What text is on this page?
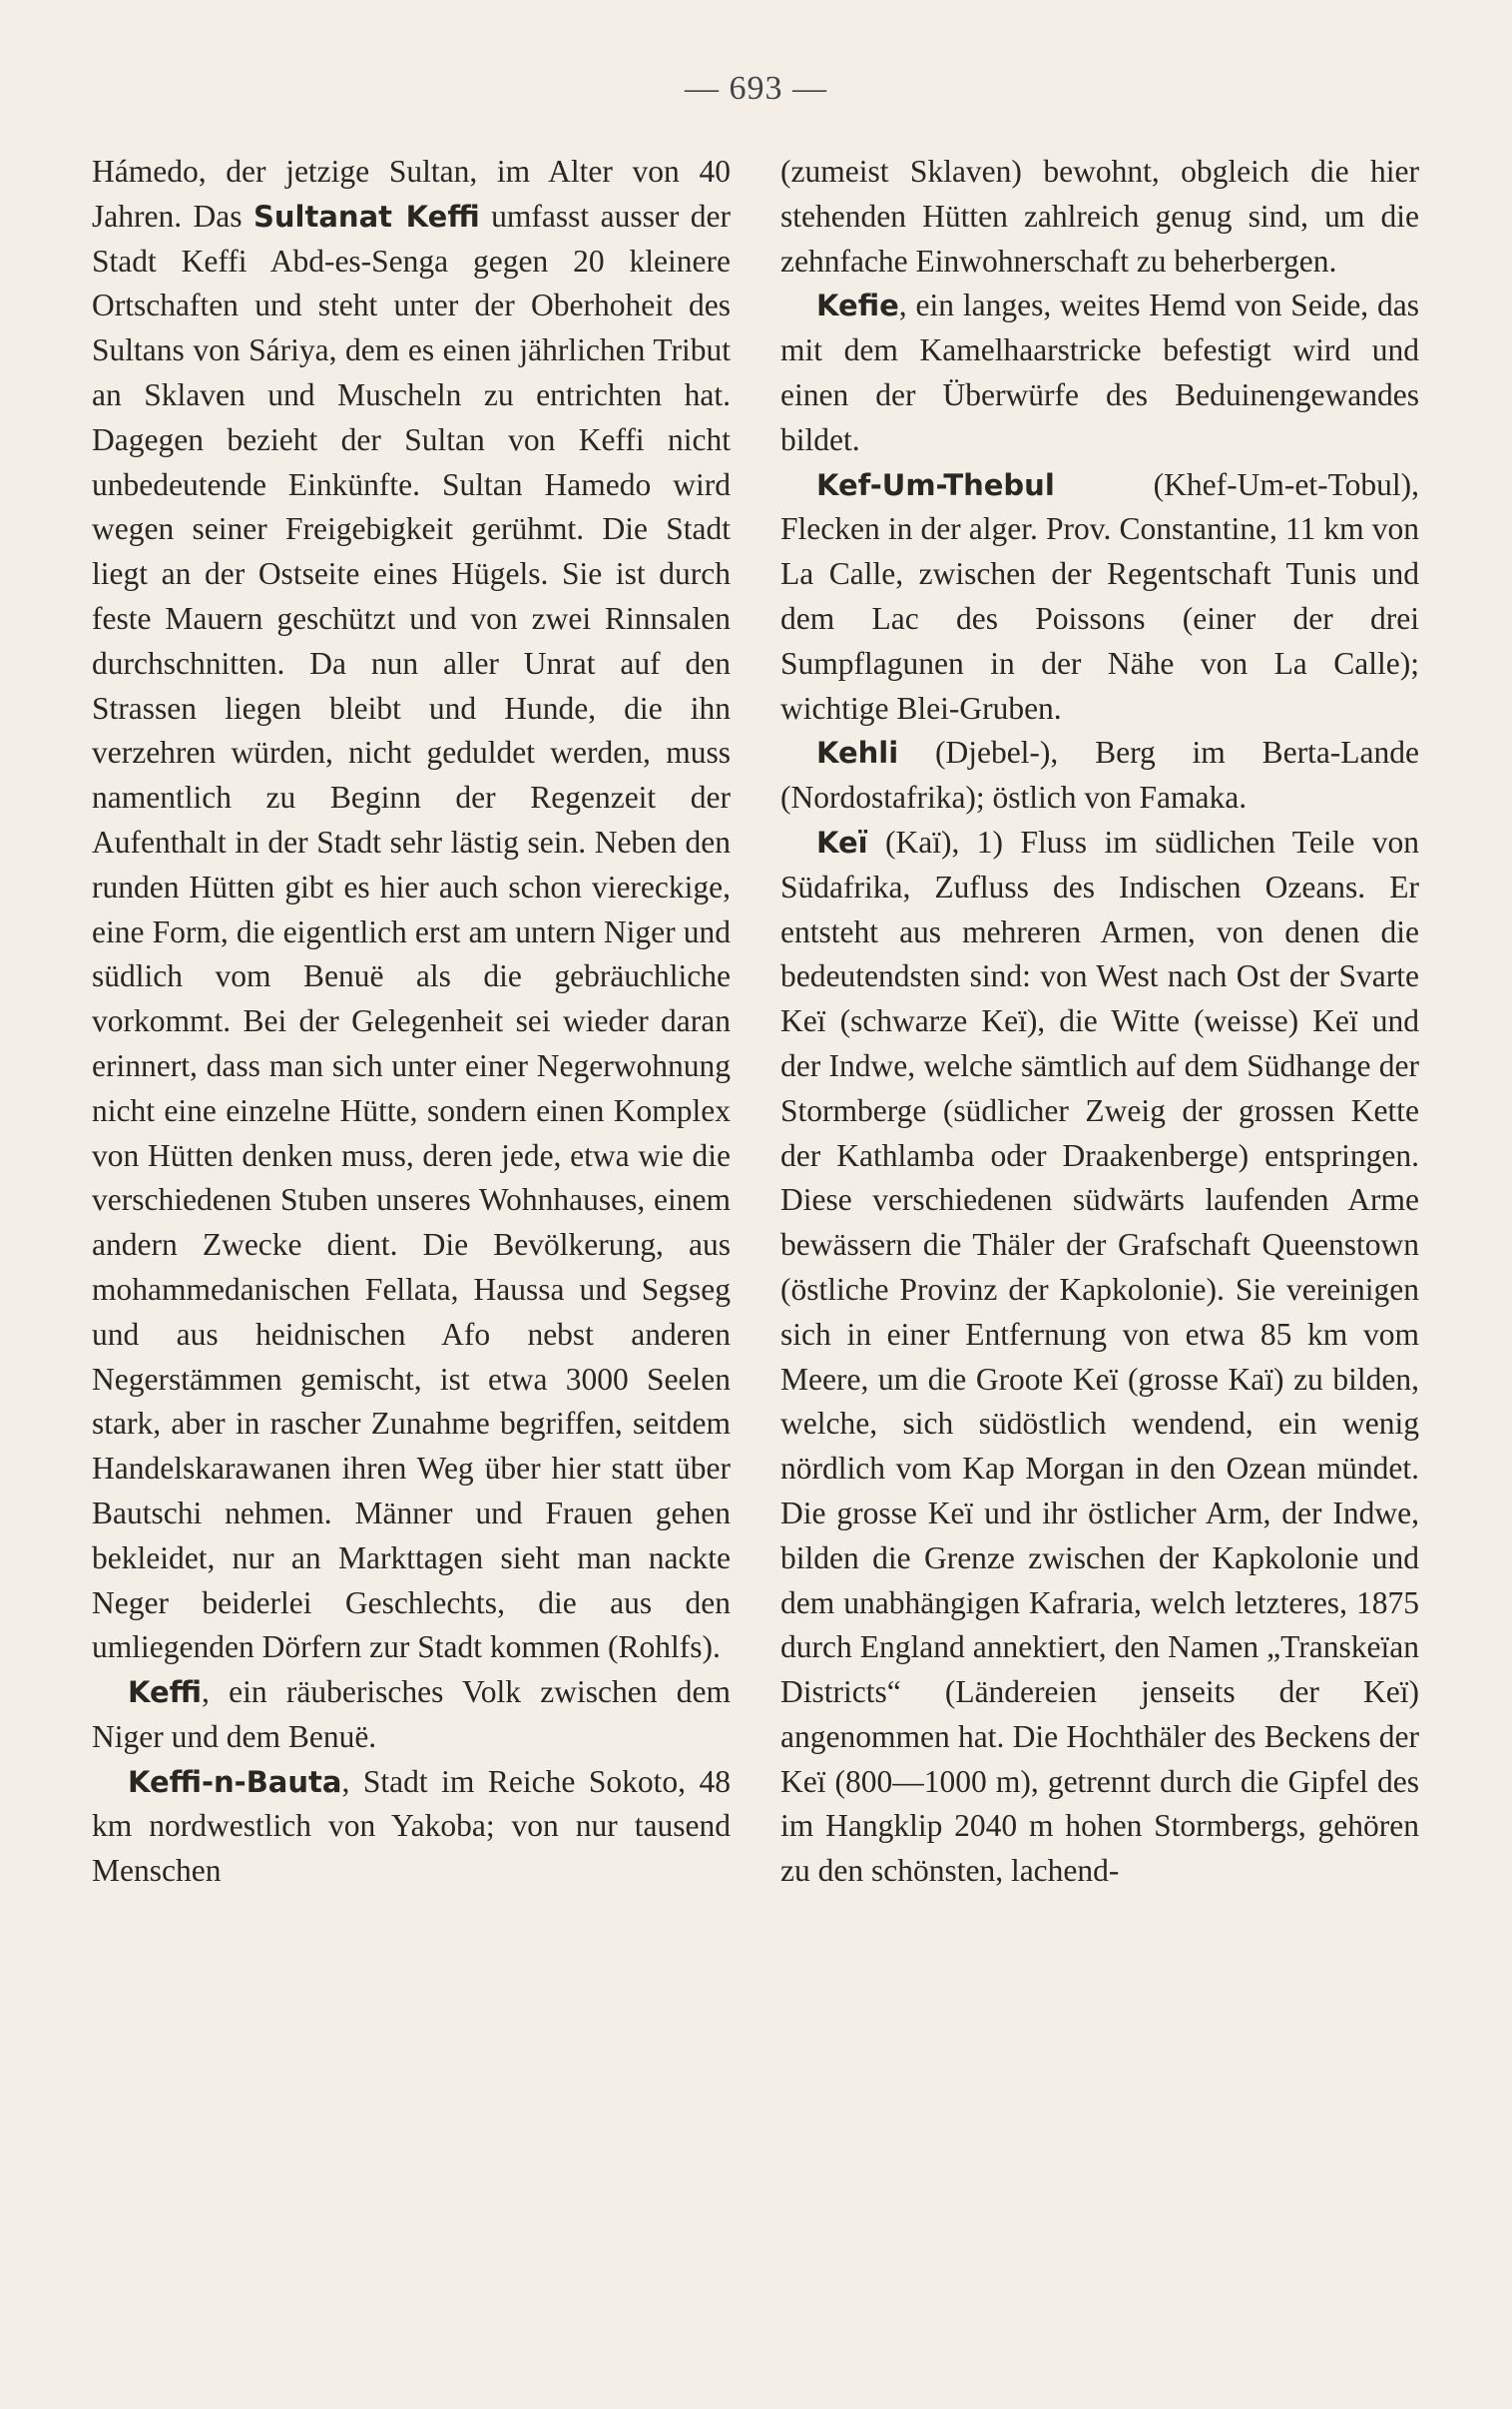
— 693 —

Hámedo, der jetzige Sultan, im Alter von 40 Jahren. Das Sultanat Keffi umfasst ausser der Stadt Keffi Abd-es-Senga gegen 20 kleinere Ortschaften und steht unter der Oberhoheit des Sultans von Sáriya, dem es einen jährlichen Tribut an Sklaven und Muscheln zu entrichten hat. Dagegen bezieht der Sultan von Keffi nicht unbedeutende Einkünfte. Sultan Hamedo wird wegen seiner Freigebigkeit gerühmt. Die Stadt liegt an der Ostseite eines Hügels. Sie ist durch feste Mauern geschützt und von zwei Rinnsalen durchschnitten. Da nun aller Unrat auf den Strassen liegen bleibt und Hunde, die ihn verzehren würden, nicht geduldet werden, muss namentlich zu Beginn der Regenzeit der Aufenthalt in der Stadt sehr lästig sein. Neben den runden Hütten gibt es hier auch schon viereckige, eine Form, die eigentlich erst am untern Niger und südlich vom Benuë als die gebräuchliche vorkommt. Bei der Gelegenheit sei wieder daran erinnert, dass man sich unter einer Negerwohnung nicht eine einzelne Hütte, sondern einen Komplex von Hütten denken muss, deren jede, etwa wie die verschiedenen Stuben unseres Wohnhauses, einem andern Zwecke dient. Die Bevölkerung, aus mohammedanischen Fellata, Haussa und Segseg und aus heidnischen Afo nebst anderen Negerstämmen gemischt, ist etwa 3000 Seelen stark, aber in rascher Zunahme begriffen, seitdem Handelskarawanen ihren Weg über hier statt über Bautschi nehmen. Männer und Frauen gehen bekleidet, nur an Markttagen sieht man nackte Neger beiderlei Geschlechts, die aus den umliegenden Dörfern zur Stadt kommen (Rohlfs).

Keffi, ein räuberisches Volk zwischen dem Niger und dem Benuë.

Keffi-n-Bauta, Stadt im Reiche Sokoto, 48 km nordwestlich von Yakoba; von nur tausend Menschen

(zumeist Sklaven) bewohnt, obgleich die hier stehenden Hütten zahlreich genug sind, um die zehnfache Einwohnerschaft zu beherbergen.

Kefie, ein langes, weites Hemd von Seide, das mit dem Kamelhaarstricke befestigt wird und einen der Überwürfe des Beduinengewandes bildet.

Kef-Um-Thebul (Khef-Um-et-Tobul), Flecken in der alger. Prov. Constantine, 11 km von La Calle, zwischen der Regentschaft Tunis und dem Lac des Poissons (einer der drei Sumpflagunen in der Nähe von La Calle); wichtige Blei-Gruben.

Kehli (Djebel-), Berg im Berta-Lande (Nordostafrika); östlich von Famaka.

Keï (Kaï), 1) Fluss im südlichen Teile von Südafrika, Zufluss des Indischen Ozeans. Er entsteht aus mehreren Armen, von denen die bedeutendsten sind: von West nach Ost der Svarte Keï (schwarze Keï), die Witte (weisse) Keï und der Indwe, welche sämtlich auf dem Südhange der Stormberge (südlicher Zweig der grossen Kette der Kathlamba oder Draakenberge) entspringen. Diese verschiedenen südwärts laufenden Arme bewässern die Thäler der Grafschaft Queenstown (östliche Provinz der Kapkolonie). Sie vereinigen sich in einer Entfernung von etwa 85 km vom Meere, um die Groote Keï (grosse Kaï) zu bilden, welche, sich südöstlich wendend, ein wenig nördlich vom Kap Morgan in den Ozean mündet. Die grosse Keï und ihr östlicher Arm, der Indwe, bilden die Grenze zwischen der Kapkolonie und dem unabhängigen Kafraria, welch letzteres, 1875 durch England annektiert, den Namen „Transkeïan Districts“ (Ländereien jenseits der Keï) angenommen hat. Die Hochthäler des Beckens der Keï (800—1000 m), getrennt durch die Gipfel des im Hangklip 2040 m hohen Stormbergs, gehören zu den schönsten, lachend-
